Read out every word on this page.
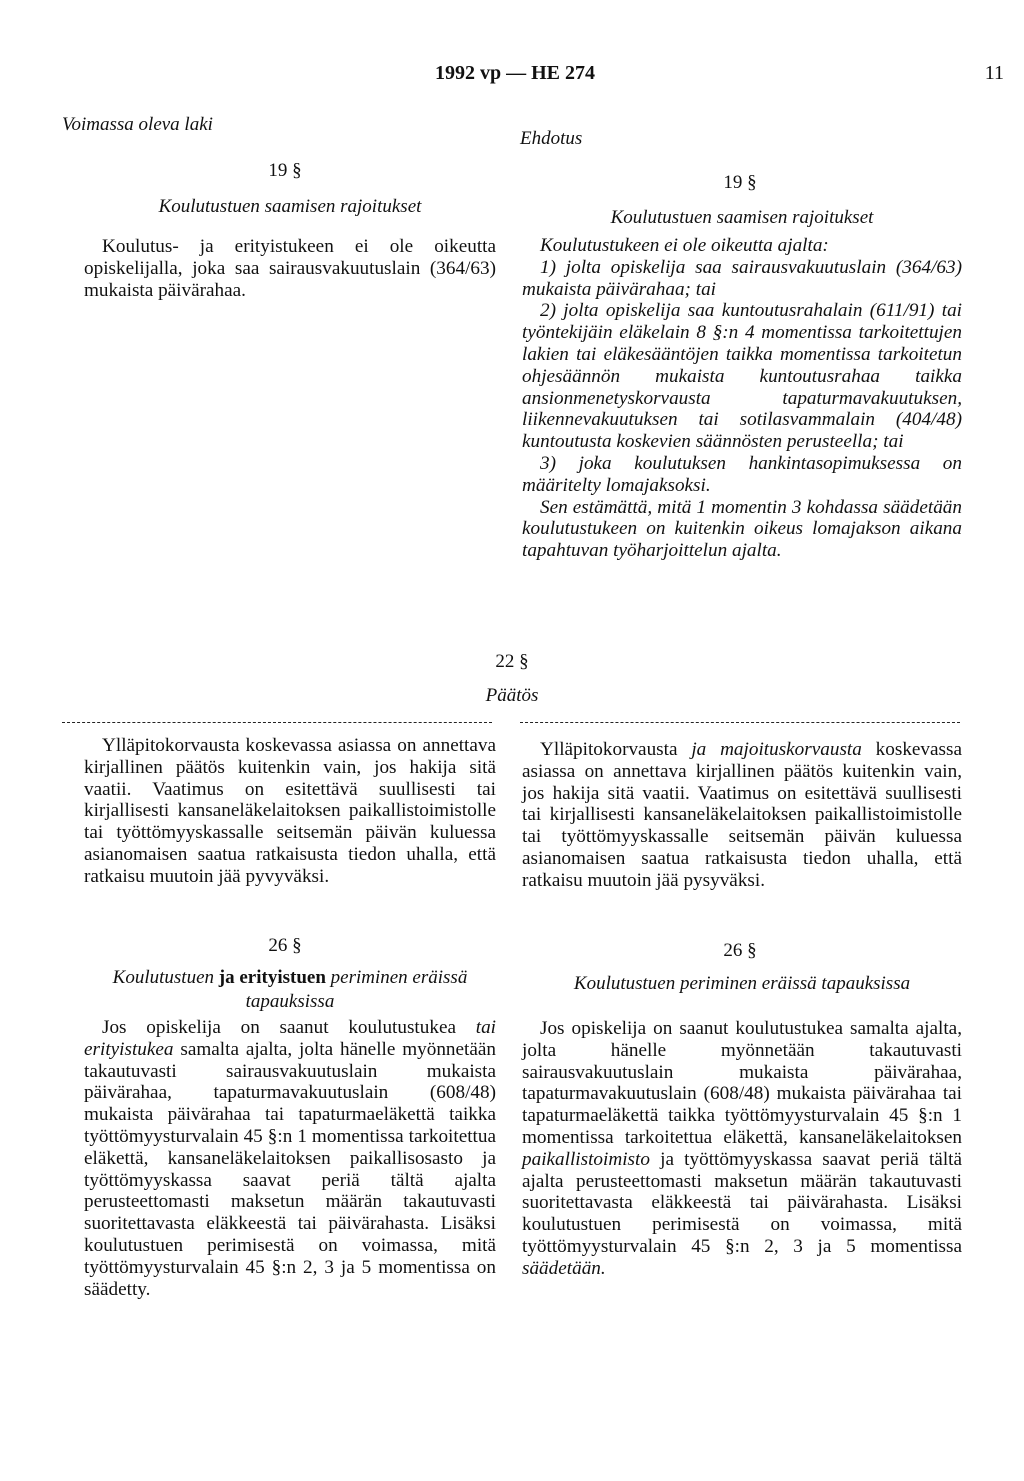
1992 vp — HE 274	11
Voimassa oleva laki
Ehdotus
19 §
Koulutustuen saamisen rajoitukset

Koulutus- ja erityistukeen ei ole oikeutta opiskelijalla, joka saa sairausvakuutuslain (364/63) mukaista päivärahaa.

19 §
Koulutustuen saamisen rajoitukset

Koulutustukeen ei ole oikeutta ajalta:

1) jolta opiskelija saa sairausvakuutuslain (364/63) mukaista päivärahaa; tai

2) jolta opiskelija saa kuntoutusrahalain (611/91) tai työntekijäin eläkelain 8 §:n 4 momentissa tarkoitettujen lakien tai eläkesääntöjen taikka momentissa tarkoitetun ohjesäännön mukaista kuntoutusrahaa taikka ansionmenetyskorvausta tapaturmavakuutuksen, liikennevakuutuksen tai sotilasvammalain (404/48) kuntoutusta koskevien säännösten perusteella; tai

3) joka koulutuksen hankintasopimuksessa on määritelty lomajaksoksi.

Sen estämättä, mitä 1 momentin 3 kohdassa säädetään koulutustukeen on kuitenkin oikeus lomajakson aikana tapahtuvan työharjoittelun ajalta.

22 §
Päätös

Ylläpitokorvausta koskevassa asiassa on annettava kirjallinen päätös kuitenkin vain, jos hakija sitä vaatii. Vaatimus on esitettävä suullisesti tai kirjallisesti kansaneläkelaitoksen paikallistoimistolle tai työttömyyskassalle seitsemän päivän kuluessa asianomaisen saatua ratkaisusta tiedon uhalla, että ratkaisu muutoin jää pyvyväksi.

Ylläpitokorvausta ja majoituskorvausta koskevassa asiassa on annettava kirjallinen päätös kuitenkin vain, jos hakija sitä vaatii. Vaatimus on esitettävä suullisesti tai kirjallisesti kansaneläkelaitoksen paikallistoimistolle tai työttömyyskassalle seitsemän päivän kuluessa asianomaisen saatua ratkaisusta tiedon uhalla, että ratkaisu muutoin jää pysyväksi.

26 §
Koulutustuen ja erityistuen periminen eräissä tapauksissa

Jos opiskelija on saanut koulutustukea tai erityistukea samalta ajalta, jolta hänelle myönnetään takautuvasti sairausvakuutuslain mukaista päivärahaa, tapaturmavakuutuslain (608/48) mukaista päivärahaa tai tapaturmaeläkettä taikka työttömyysturvalain 45 §:n 1 momentissa tarkoitettua eläkettä, kansaneläkelaitoksen paikallisosasto ja työttömyyskassa saavat periä tältä ajalta perusteettomasti maksetun määrän takautuvasti suoritettavasta eläkkeestä tai päivärahasta. Lisäksi koulutustuen perimisestä on voimassa, mitä työttömyysturvalain 45 §:n 2, 3 ja 5 momentissa on säädetty.

26 §
Koulutustuen periminen eräissä tapauksissa

Jos opiskelija on saanut koulutustukea samalta ajalta, jolta hänelle myönnetään takautuvasti sairausvakuutuslain mukaista päivärahaa, tapaturmavakuutuslain (608/48) mukaista päivärahaa tai tapaturmaeläkettä taikka työttömyysturvalain 45 §:n 1 momentissa tarkoitettua eläkettä, kansaneläkelaitoksen paikallistoimisto ja työttömyyskassa saavat periä tältä ajalta perusteettomasti maksetun määrän takautuvasti suoritettavasta eläkkeestä tai päivärahasta. Lisäksi koulutustuen perimisestä on voimassa, mitä työttömyysturvalain 45 §:n 2, 3 ja 5 momentissa säädetään.
